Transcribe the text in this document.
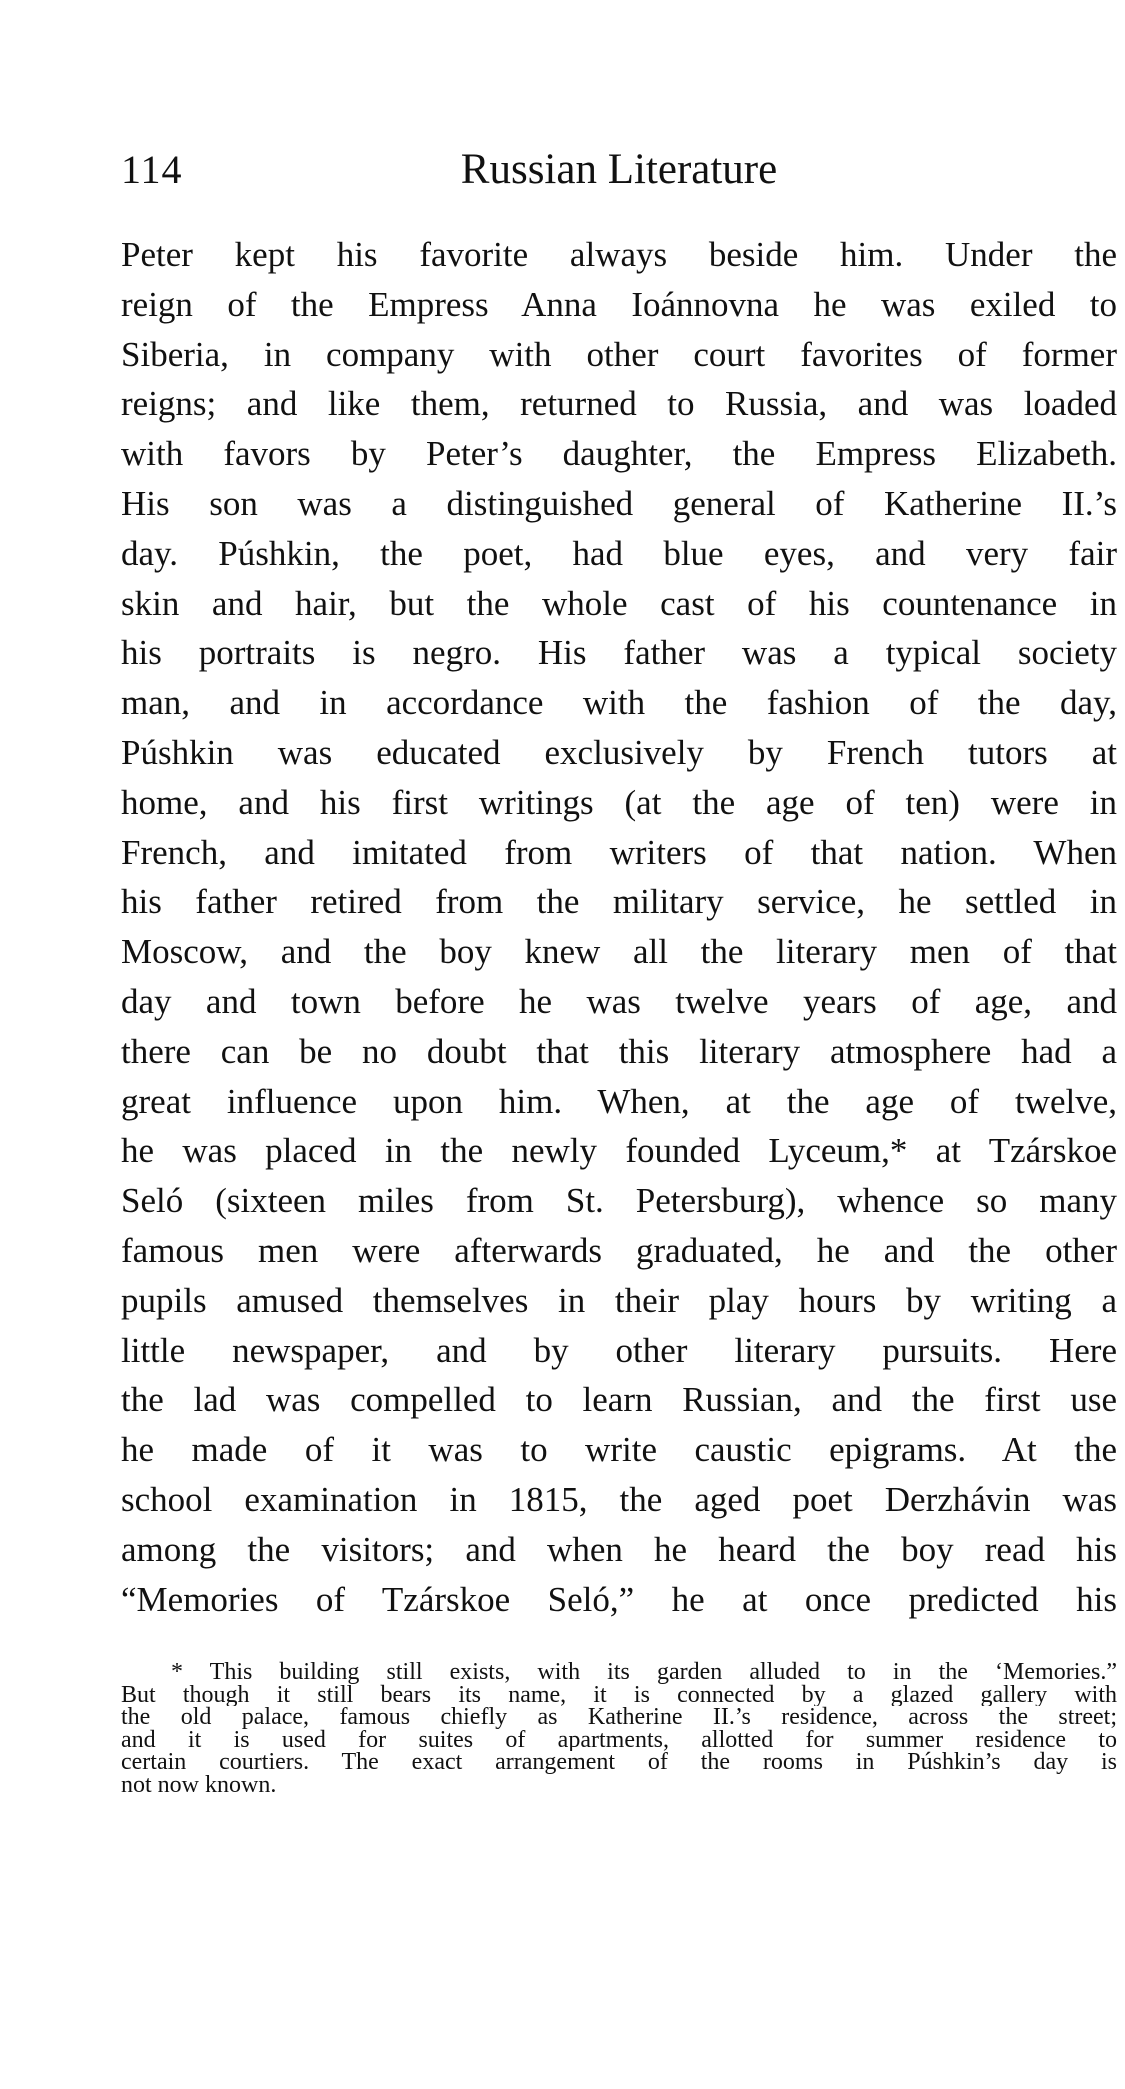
114	Russian Literature
Peter kept his favorite always beside him. Under the
reign of the Empress Anna Ioánnovna he was exiled to
Siberia, in company with other court favorites of former
reigns; and like them, returned to Russia, and was loaded
with favors by Peter’s daughter, the Empress Elizabeth.
His son was a distinguished general of Katherine II.’s
day. Púshkin, the poet, had blue eyes, and very fair
skin and hair, but the whole cast of his countenance in
his portraits is negro. His father was a typical society
man, and in accordance with the fashion of the day,
Púshkin was educated exclusively by French tutors at
home, and his first writings (at the age of ten) were in
French, and imitated from writers of that nation. When
his father retired from the military service, he settled in
Moscow, and the boy knew all the literary men of that
day and town before he was twelve years of age, and
there can be no doubt that this literary atmosphere had a
great influence upon him. When, at the age of twelve,
he was placed in the newly founded Lyceum,* at Tzárskoe
Seló (sixteen miles from St. Petersburg), whence so many
famous men were afterwards graduated, he and the other
pupils amused themselves in their play hours by writing a
little newspaper, and by other literary pursuits. Here
the lad was compelled to learn Russian, and the first use
he made of it was to write caustic epigrams. At the
school examination in 1815, the aged poet Derzhávin was
among the visitors; and when he heard the boy read his
“Memories of Tzárskoe Seló,” he at once predicted his
* This building still exists, with its garden alluded to in the ‘Memories.”
But though it still bears its name, it is connected by a glazed gallery with
the old palace, famous chiefly as Katherine II.’s residence, across the street;
and it is used for suites of apartments, allotted for summer residence to
certain courtiers. The exact arrangement of the rooms in Púshkin’s day is
not now known.
